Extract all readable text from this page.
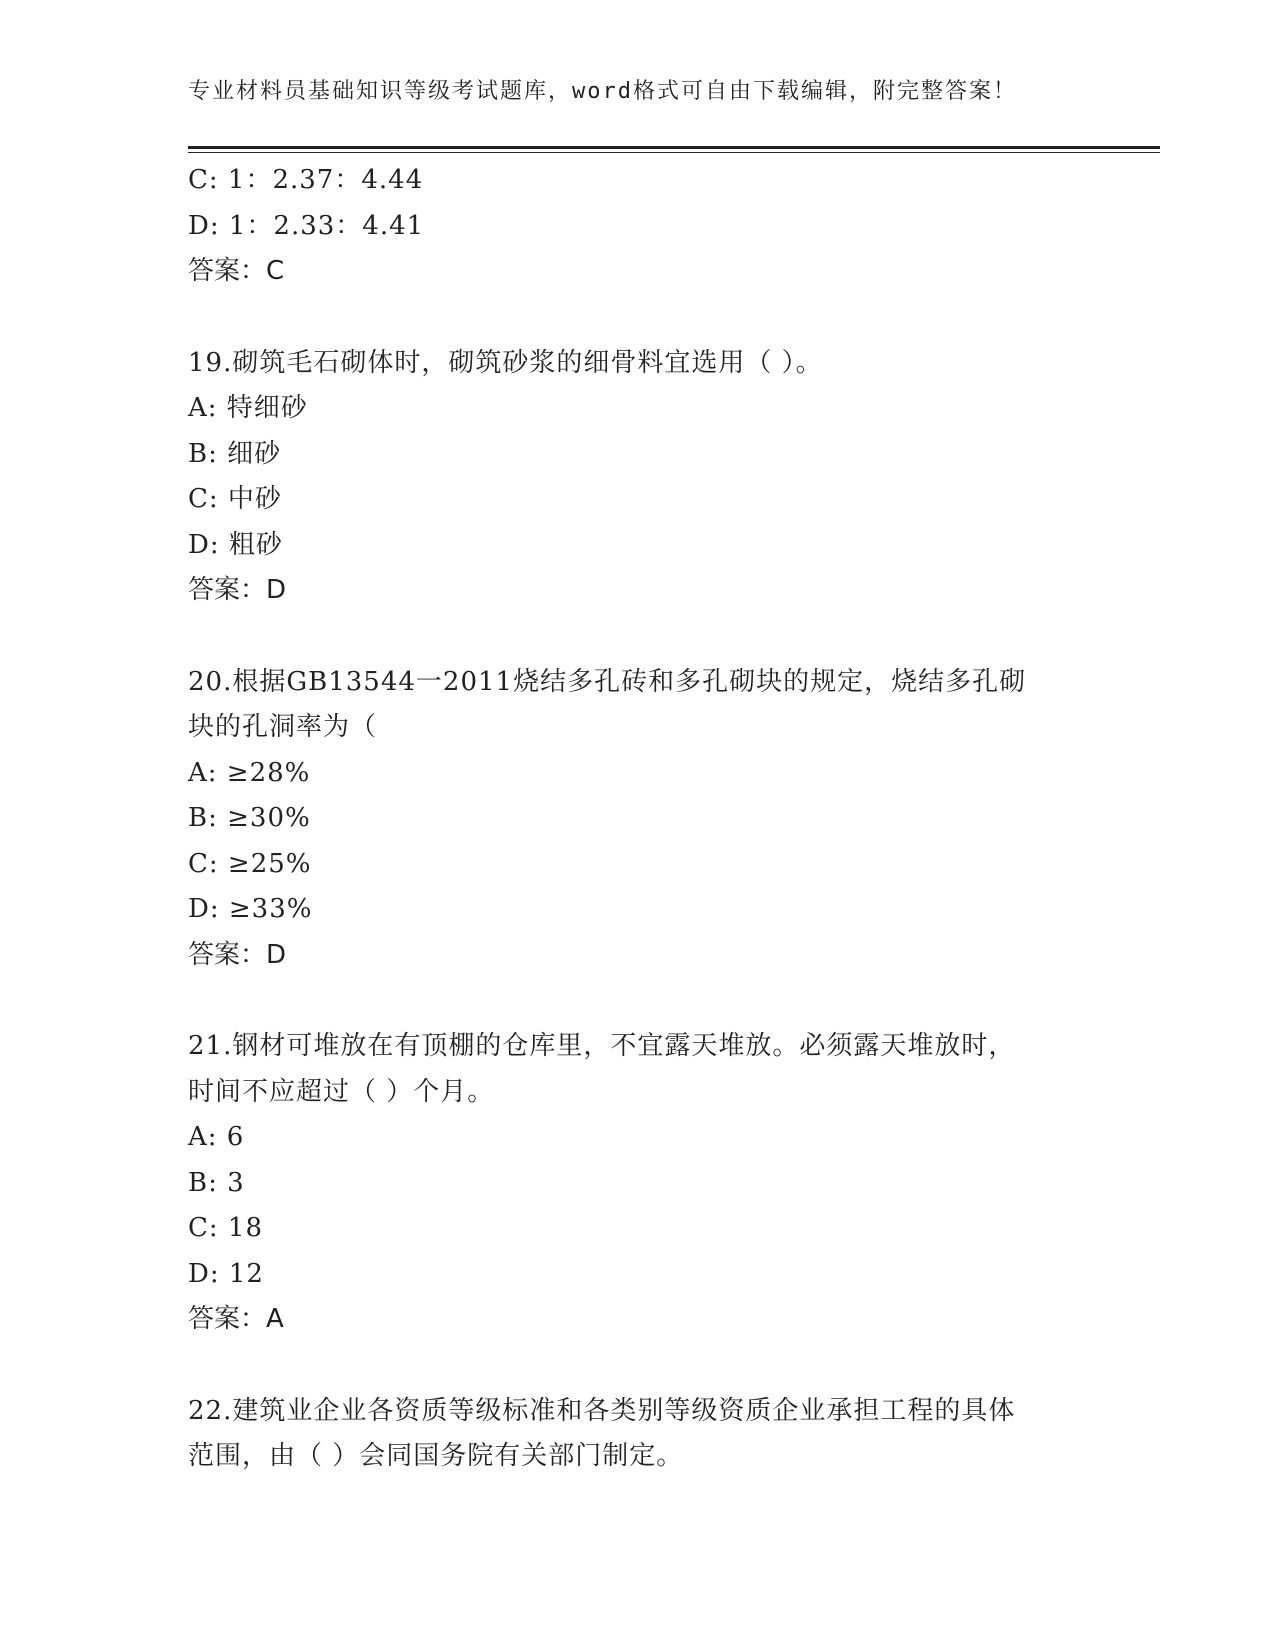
专业材料员基础知识等级考试题库，word格式可自由下载编辑，附完整答案！
C: 1：2.37：4.44
D: 1：2.33：4.41
答案：C
19.砌筑毛石砌体时，砌筑砂浆的细骨料宜选用（ ）。
A: 特细砂
B: 细砂
C: 中砂
D: 粗砂
答案：D
20.根据GB13544一2011烧结多孔砖和多孔砌块的规定，烧结多孔砌
块的孔洞率为（
A: ≥28%
B: ≥30%
C: ≥25%
D: ≥33%
答案：D
21.钢材可堆放在有顶棚的仓库里，不宜露天堆放。必须露天堆放时，
时间不应超过（ ）个月。
A: 6
B: 3
C: 18
D: 12
答案：A
22.建筑业企业各资质等级标准和各类别等级资质企业承担工程的具体
范围，由（ ）会同国务院有关部门制定。
